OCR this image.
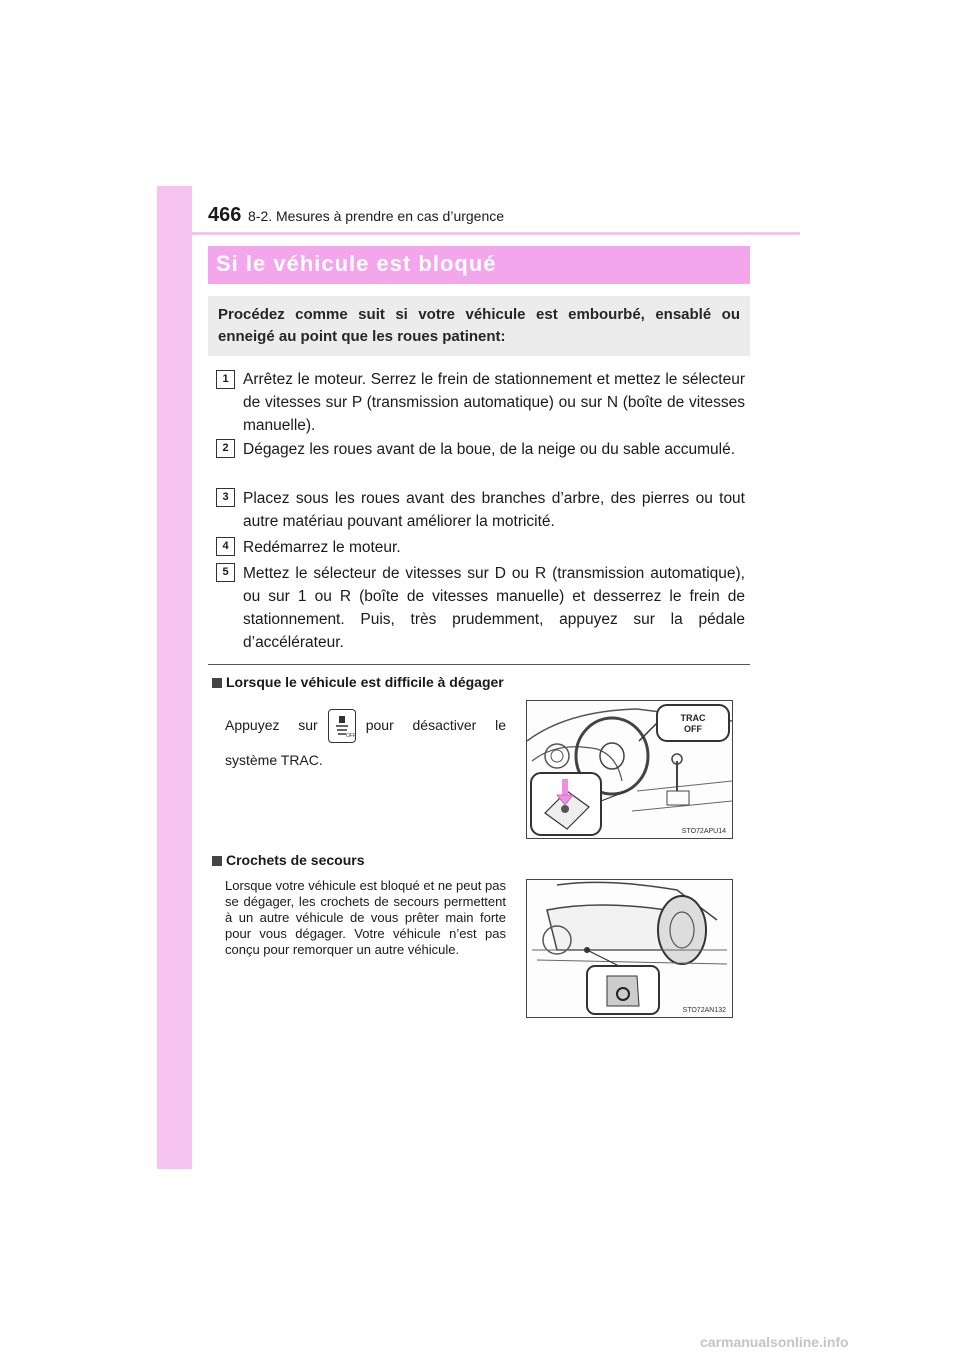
466 8-2. Mesures à prendre en cas d’urgence
Si le véhicule est bloqué

Procédez comme suit si votre véhicule est embourbé, ensablé ou enneigé au point que les roues patinent:

1 Arrêtez le moteur. Serrez le frein de stationnement et mettez le sélecteur de vitesses sur P (transmission automatique) ou sur N (boîte de vitesses manuelle).

2 Dégagez les roues avant de la boue, de la neige ou du sable accumulé.

3 Placez sous les roues avant des branches d’arbre, des pierres ou tout autre matériau pouvant améliorer la motricité.

4 Redémarrez le moteur.

5 Mettez le sélecteur de vitesses sur D ou R (transmission automatique), ou sur 1 ou R (boîte de vitesses manuelle) et desserrez le frein de stationnement. Puis, très prudemment, appuyez sur la pédale d’accélérateur.

Lorsque le véhicule est difficile à dégager
Appuyez sur
OFF
pour désactiver le système TRAC.
TRAC
OFF
STO72APU14
Crochets de secours

Lorsque votre véhicule est bloqué et ne peut pas se dégager, les crochets de secours permettent à un autre véhicule de vous prêter main forte pour vous dégager. Votre véhicule n’est pas conçu pour remorquer un autre véhicule.

STO72AN132
carmanualsonline.info
